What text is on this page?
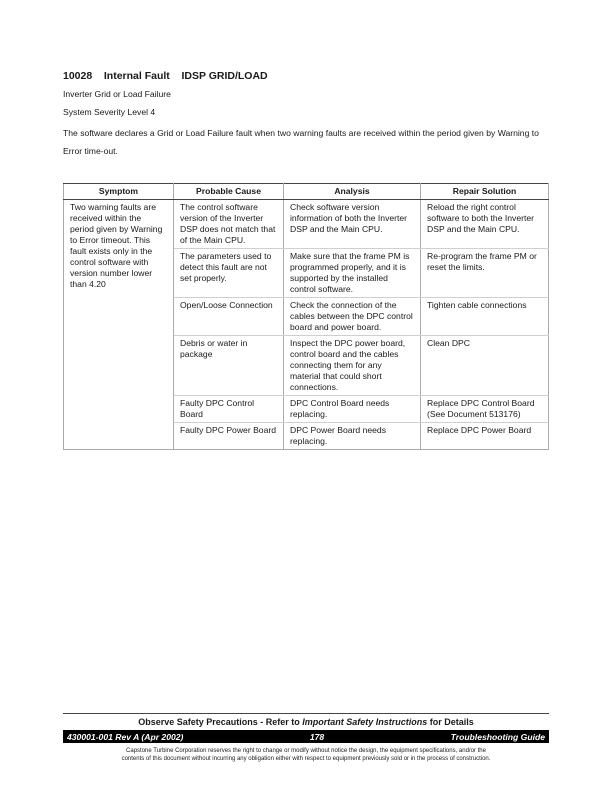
10028 Internal Fault IDSP GRID/LOAD

Inverter Grid or Load Failure

System Severity Level 4

The software declares a Grid or Load Failure fault when two warning faults are received within the period given by Warning to Error time-out.

Symptom	Probable Cause	Analysis	Repair Solution
Two warning faults are received within the period given by Warning to Error timeout. This fault exists only in the control software with version number lower than 4.20	The control software version of the Inverter DSP does not match that of the Main CPU.	Check software version information of both the Inverter DSP and the Main CPU.	Reload the right control software to both the Inverter DSP and the Main CPU.
	The parameters used to detect this fault are not set properly.	Make sure that the frame PM is programmed properly, and it is supported by the installed control software.	Re-program the frame PM or reset the limits.
	Open/Loose Connection	Check the connection of the cables between the DPC control board and power board.	Tighten cable connections
	Debris or water in package	Inspect the DPC power board, control board and the cables connecting them for any material that could short connections.	Clean DPC
	Faulty DPC Control Board	DPC Control Board needs replacing.	Replace DPC Control Board (See Document 513176)
	Faulty DPC Power Board	DPC Power Board needs replacing.	Replace DPC Power Board
Observe Safety Precautions - Refer to Important Safety Instructions for Details
430001-001 Rev A (Apr 2002)	178	Troubleshooting Guide
Capstone Turbine Corporation reserves the right to change or modify without notice the design, the equipment specifications, and/or the
contents of this document without incurring any obligation either with respect to equipment previously sold or in the process of construction.
